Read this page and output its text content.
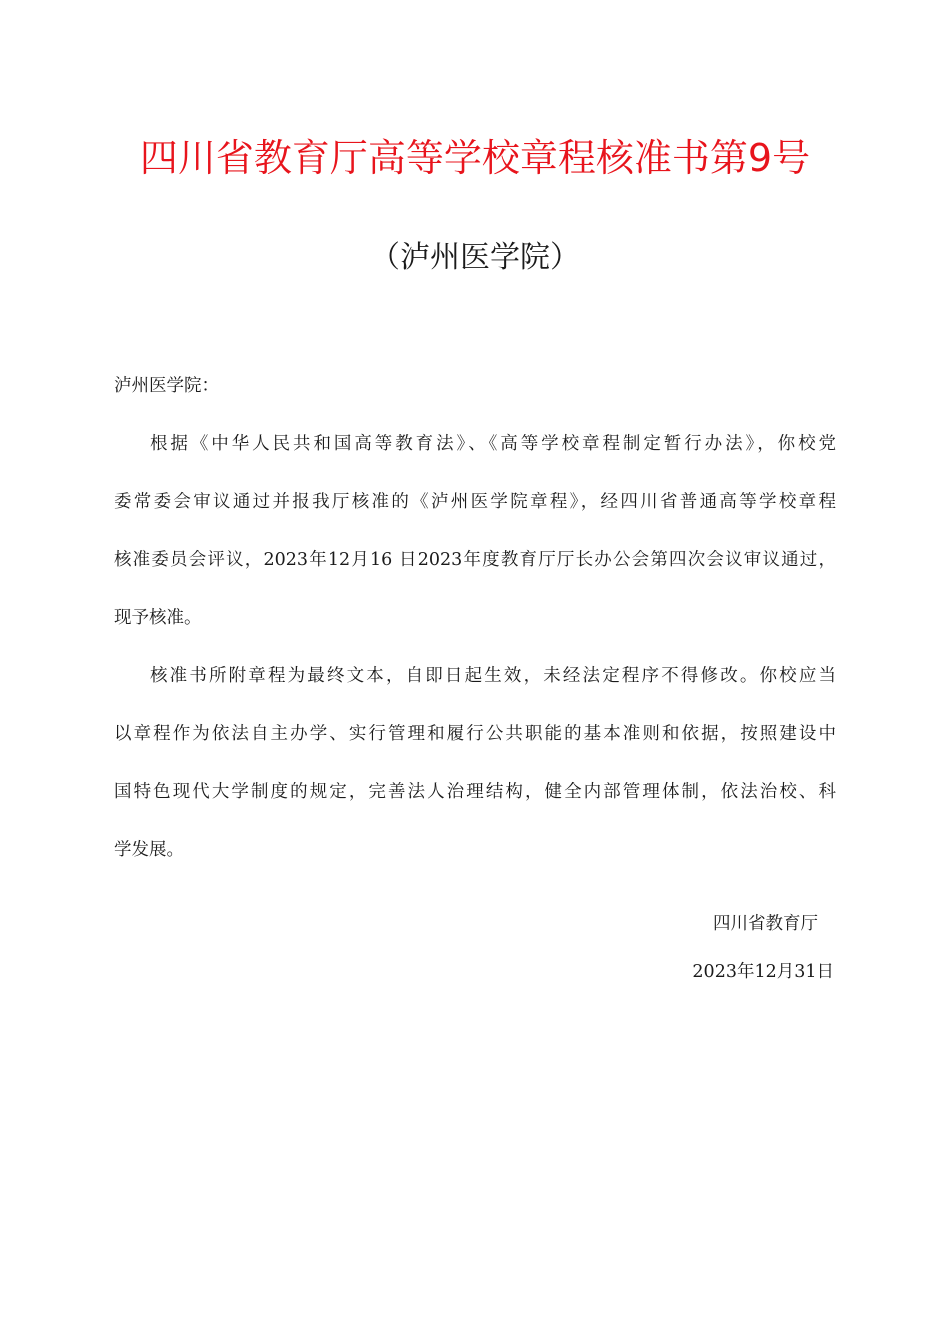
四川省教育厅高等学校章程核准书第9号
（泸州医学院）
泸州医学院：
根据《中华人民共和国高等教育法》、《高等学校章程制定暂行办法》，你校党
委常委会审议通过并报我厅核准的《泸州医学院章程》，经四川省普通高等学校章程
核准委员会评议，2023年12月16 日2023年度教育厅厅长办公会第四次会议审议通过，
现予核准。
核准书所附章程为最终文本，自即日起生效，未经法定程序不得修改。你校应当
以章程作为依法自主办学、实行管理和履行公共职能的基本准则和依据，按照建设中
国特色现代大学制度的规定，完善法人治理结构，健全内部管理体制，依法治校、科
学发展。
四川省教育厅
2023年12月31日
